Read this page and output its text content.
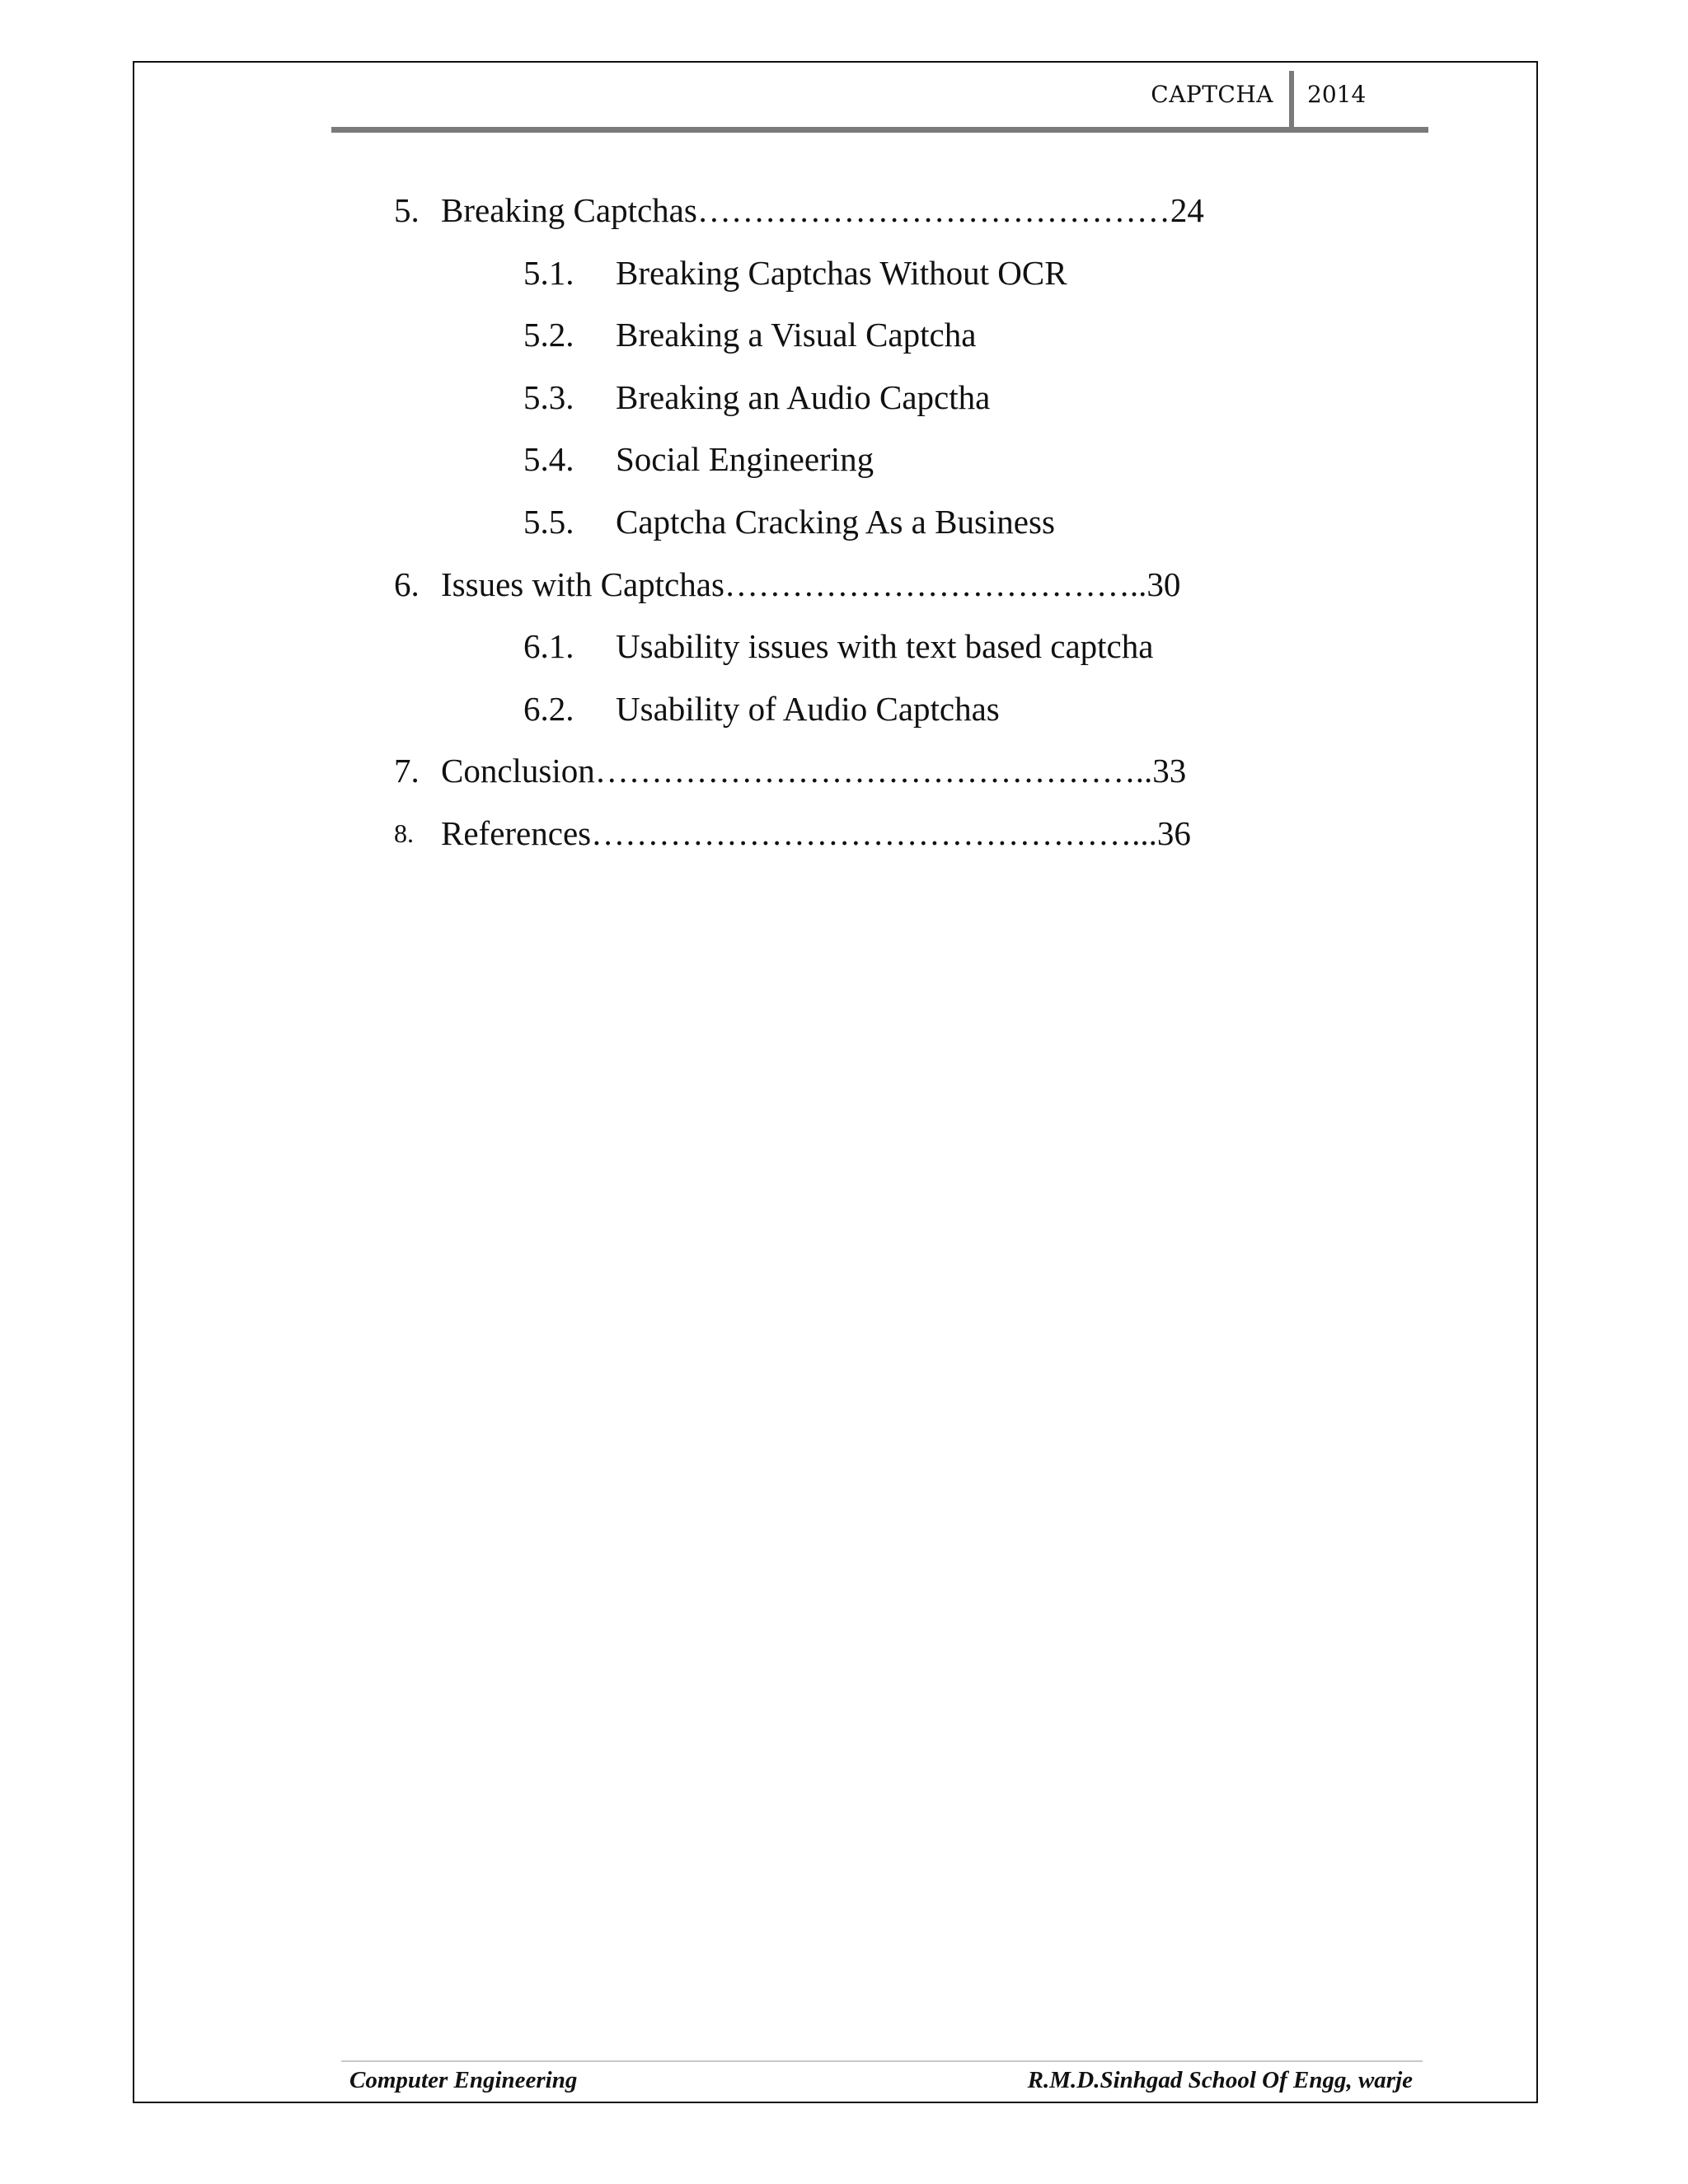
CAPTCHA 2014
5. Breaking Captchas……………………………………24
5.1. Breaking Captchas Without OCR
5.2. Breaking a Visual Captcha
5.3. Breaking an Audio Capctha
5.4. Social Engineering
5.5. Captcha Cracking As a Business
6. Issues with Captchas………………………………..30
6.1. Usability issues with text based captcha
6.2. Usability of Audio Captchas
7. Conclusion…………………………………………..33
8. References…………………………………………...36
Computer Engineering	R.M.D.Sinhgad School Of Engg, warje
